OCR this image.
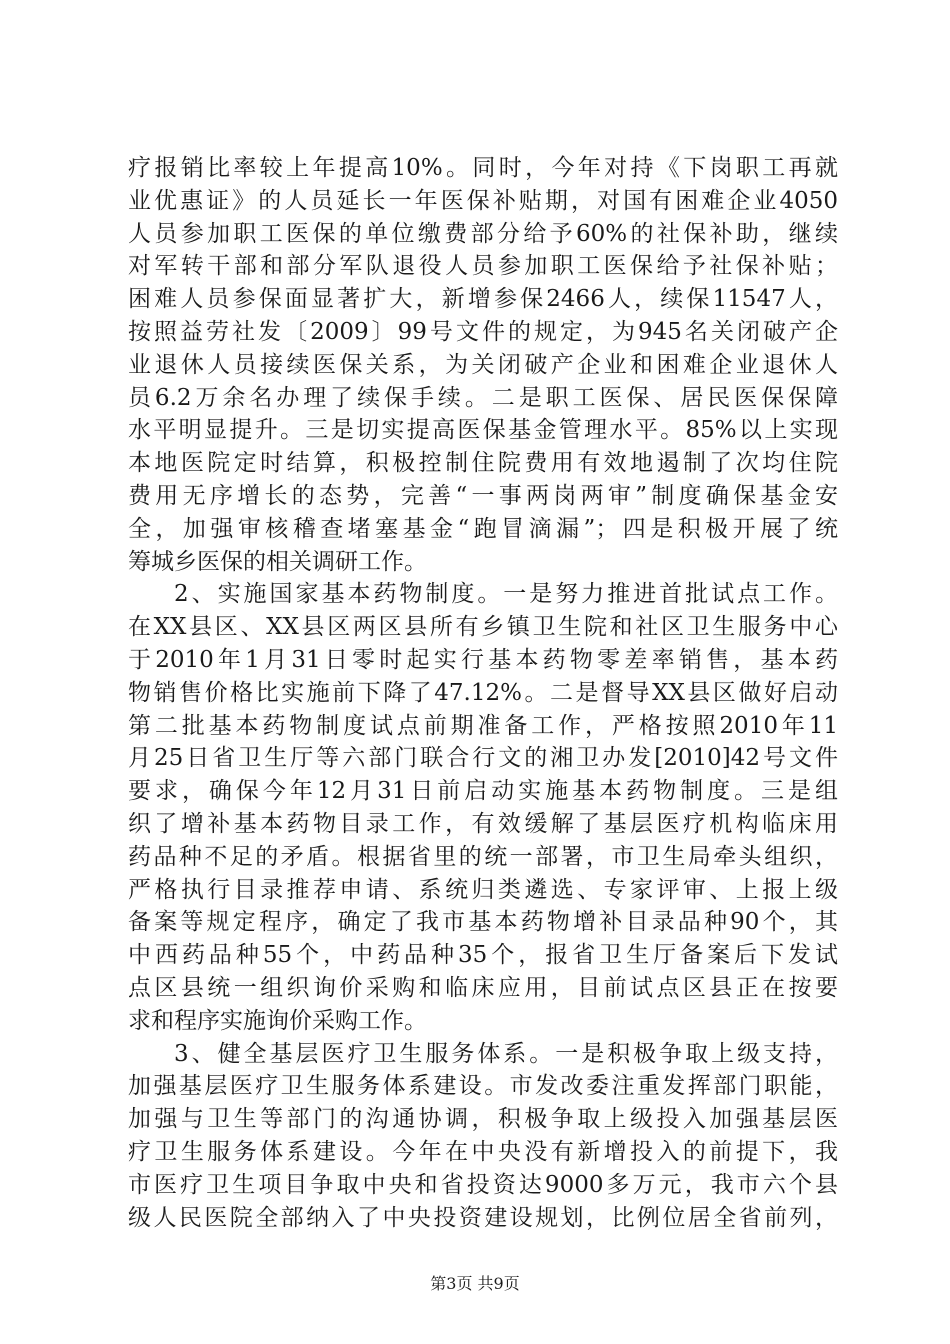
疗报销比率较上年提高10%。同时，今年对持《下岗职工再就
业优惠证》的人员延长一年医保补贴期，对国有困难企业4050
人员参加职工医保的单位缴费部分给予60%的社保补助，继续
对军转干部和部分军队退役人员参加职工医保给予社保补贴；
困难人员参保面显著扩大，新增参保2466人，续保11547人，
按照益劳社发〔2009〕99号文件的规定，为945名关闭破产企
业退休人员接续医保关系，为关闭破产企业和困难企业退休人
员6.2万余名办理了续保手续。二是职工医保、居民医保保障
水平明显提升。三是切实提高医保基金管理水平。85%以上实现
本地医院定时结算，积极控制住院费用有效地遏制了次均住院
费用无序增长的态势，完善“一事两岗两审”制度确保基金安
全，加强审核稽查堵塞基金“跑冒滴漏”；四是积极开展了统
筹城乡医保的相关调研工作。
2、实施国家基本药物制度。一是努力推进首批试点工作。
在XX县区、XX县区两区县所有乡镇卫生院和社区卫生服务中心
于2010年1月31日零时起实行基本药物零差率销售，基本药
物销售价格比实施前下降了47.12%。二是督导XX县区做好启动
第二批基本药物制度试点前期准备工作，严格按照2010年11
月25日省卫生厅等六部门联合行文的湘卫办发[2010]42号文件
要求，确保今年12月31日前启动实施基本药物制度。三是组
织了增补基本药物目录工作，有效缓解了基层医疗机构临床用
药品种不足的矛盾。根据省里的统一部署，市卫生局牵头组织，
严格执行目录推荐申请、系统归类遴选、专家评审、上报上级
备案等规定程序，确定了我市基本药物增补目录品种90个，其
中西药品种55个，中药品种35个，报省卫生厅备案后下发试
点区县统一组织询价采购和临床应用，目前试点区县正在按要
求和程序实施询价采购工作。
3、健全基层医疗卫生服务体系。一是积极争取上级支持，
加强基层医疗卫生服务体系建设。市发改委注重发挥部门职能，
加强与卫生等部门的沟通协调，积极争取上级投入加强基层医
疗卫生服务体系建设。今年在中央没有新增投入的前提下，我
市医疗卫生项目争取中央和省投资达9000多万元，我市六个县
级人民医院全部纳入了中央投资建设规划，比例位居全省前列，
第3页 共9页
